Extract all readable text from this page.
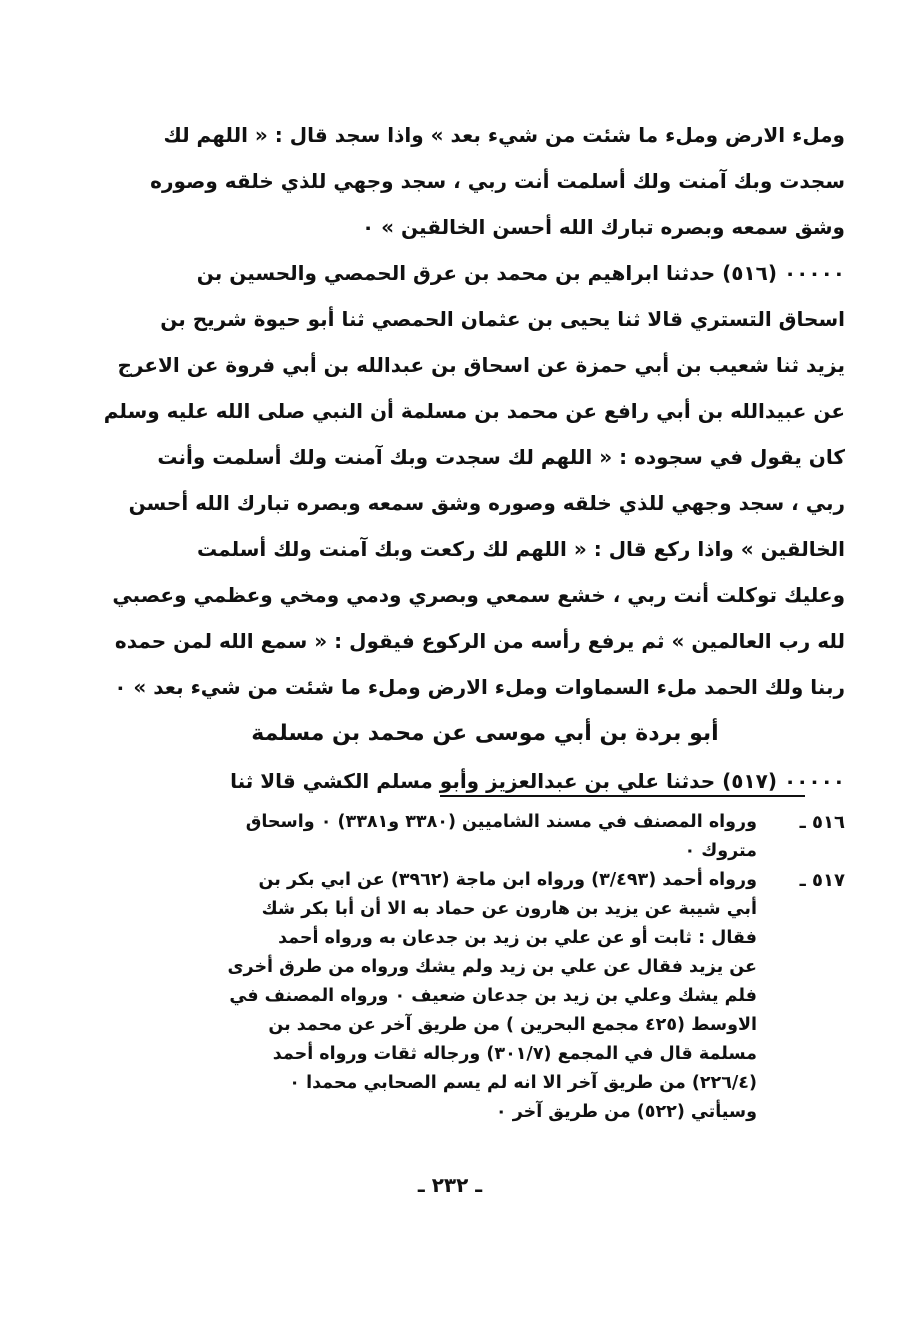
وملء الارض وملء ما شئت من شيء بعد » واذا سجد قال : « اللهم لك
سجدت وبك آمنت ولك أسلمت أنت ربي ، سجد وجهي للذي خلقه وصوره
وشق سمعه وبصره تبارك الله أحسن الخالقين » ٠
٠٠٠٠٠ (٥١٦) حدثنا ابراهيم بن محمد بن عرق الحمصي والحسين بن
اسحاق التستري قالا ثنا يحيى بن عثمان الحمصي ثنا أبو حيوة شريح بن
يزيد ثنا شعيب بن أبي حمزة عن اسحاق بن عبدالله بن أبي فروة عن الاعرج
عن عبيدالله بن أبي رافع عن محمد بن مسلمة أن النبي صلى الله عليه وسلم
كان يقول في سجوده : « اللهم لك سجدت وبك آمنت ولك أسلمت وأنت
ربي ، سجد وجهي للذي خلقه وصوره وشق سمعه وبصره تبارك الله أحسن
الخالقين » واذا ركع قال : « اللهم لك ركعت وبك آمنت ولك أسلمت
وعليك توكلت أنت ربي ، خشع سمعي وبصري ودمي ومخي وعظمي وعصبي
لله رب العالمين » ثم يرفع رأسه من الركوع فيقول : « سمع الله لمن حمده
ربنا ولك الحمد ملء السماوات وملء الارض وملء ما شئت من شيء بعد » ٠
أبو بردة بن أبي موسى عن محمد بن مسلمة
٠٠٠٠٠ (٥١٧) حدثنا علي بن عبدالعزيز وأبو مسلم الكشي قالا ثنا
٥١٦ ـ
ورواه المصنف في مسند الشاميين (٣٣٨٠ و٣٣٨١) ٠ واسحاق
متروك ٠
٥١٧ ـ
ورواه أحمد (٣/٤٩٣) ورواه ابن ماجة (٣٩٦٢) عن ابي بكر بن
أبي شيبة عن يزيد بن هارون عن حماد به الا أن أبا بكر شك
فقال : ثابت أو عن علي بن زيد بن جدعان به ورواه أحمد
عن يزيد فقال عن علي بن زيد ولم يشك ورواه من طرق أخرى
فلم يشك وعلي بن زيد بن جدعان ضعيف ٠ ورواه المصنف في
الاوسط (٤٢٥ مجمع البحرين ) من طريق آخر عن محمد بن
مسلمة قال في المجمع (٣٠١/٧) ورجاله ثقات ورواه أحمد
(٢٢٦/٤) من طريق آخر الا انه لم يسم الصحابي محمدا ٠
وسيأتي (٥٢٢) من طريق آخر ٠
ـ ٢٣٢ ـ
